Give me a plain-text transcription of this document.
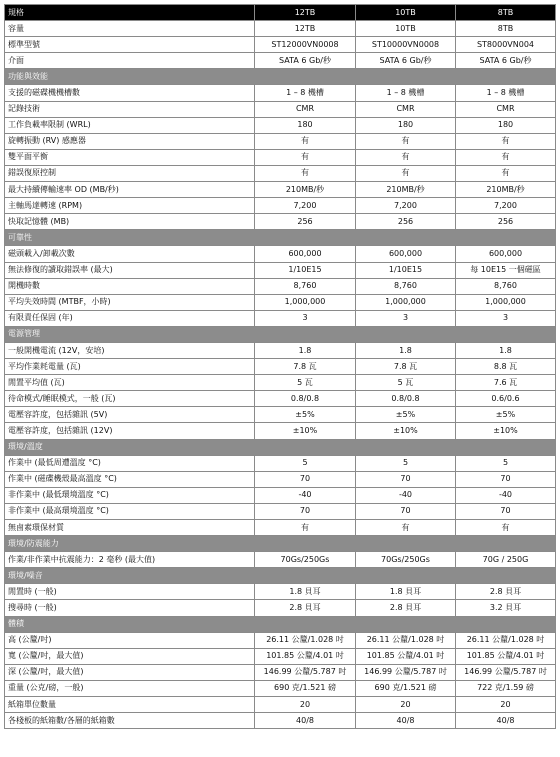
規格	12TB	10TB	8TB
容量	12TB	10TB	8TB
標準型號	ST12000VN0008	ST10000VN0008	ST8000VN004
介面	SATA 6 Gb/秒	SATA 6 Gb/秒	SATA 6 Gb/秒
功能與效能			
支援的磁碟機機槽數	1 – 8 機槽	1 – 8 機槽	1 – 8 機槽
記錄技術	CMR	CMR	CMR
工作負載率限制 (WRL)	180	180	180
旋轉振動 (RV) 感應器	有	有	有
雙平面平衡	有	有	有
錯誤復原控制	有	有	有
最大持續傳輸速率 OD (MB/秒)	210MB/秒	210MB/秒	210MB/秒
主軸馬達轉速 (RPM)	7,200	7,200	7,200
快取記憶體 (MB)	256	256	256
可靠性			
磁頭載入/卸載次數	600,000	600,000	600,000
無法修復的讀取錯誤率 (最大)	1/10E15	1/10E15	每 10E15 一個磁區
開機時數	8,760	8,760	8,760
平均失效時間 (MTBF，小時)	1,000,000	1,000,000	1,000,000
有限責任保固 (年)	3	3	3
電源管理			
一般開機電流 (12V，安培)	1.8	1.8	1.8
平均作業耗電量 (瓦)	7.8 瓦	7.8 瓦	8.8 瓦
閒置平均值 (瓦)	5 瓦	5 瓦	7.6 瓦
待命模式/睡眠模式，一般 (瓦)	0.8/0.8	0.8/0.8	0.6/0.6
電壓容許度，包括雜訊 (5V)	±5%	±5%	±5%
電壓容許度，包括雜訊 (12V)	±10%	±10%	±10%
環境/溫度			
作業中 (最低周遭溫度 °C)	5	5	5
作業中 (磁碟機殼最高溫度 °C)	70	70	70
非作業中 (最低環境溫度 °C)	-40	-40	-40
非作業中 (最高環境溫度 °C)	70	70	70
無鹵素環保材質	有	有	有
環境/防震能力			
作業/非作業中抗震能力：2 毫秒 (最大值)	70Gs/250Gs	70Gs/250Gs	70G / 250G
環境/噪音			
閒置時 (一般)	1.8 貝耳	1.8 貝耳	2.8 貝耳
搜尋時 (一般)	2.8 貝耳	2.8 貝耳	3.2 貝耳
體積			
高 (公釐/吋)	26.11 公釐/1.028 吋	26.11 公釐/1.028 吋	26.11 公釐/1.028 吋
寬 (公釐/吋，最大值)	101.85 公釐/4.01 吋	101.85 公釐/4.01 吋	101.85 公釐/4.01 吋
深 (公釐/吋，最大值)	146.99 公釐/5.787 吋	146.99 公釐/5.787 吋	146.99 公釐/5.787 吋
重量 (公克/磅，一般)	690 克/1.521 磅	690 克/1.521 磅	722 克/1.59 磅
紙箱單位數量	20	20	20
各棧板的紙箱數/各層的紙箱數	40/8	40/8	40/8
